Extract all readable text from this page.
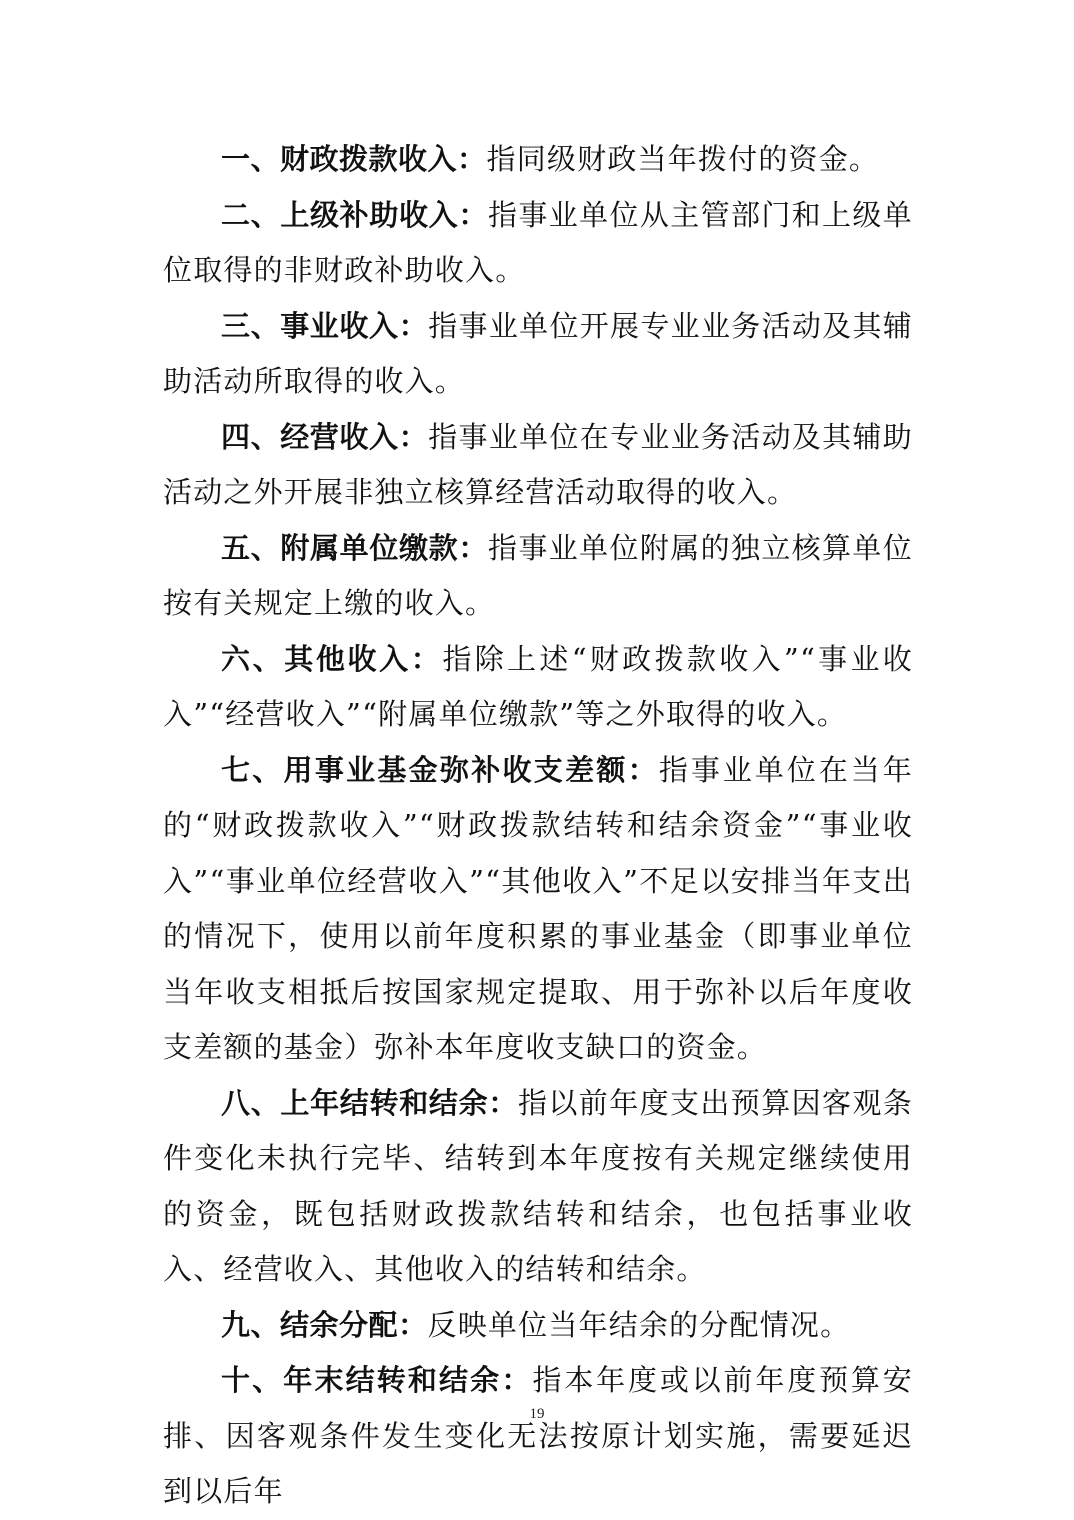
一、财政拨款收入：指同级财政当年拨付的资金。

二、上级补助收入：指事业单位从主管部门和上级单位取得的非财政补助收入。

三、事业收入：指事业单位开展专业业务活动及其辅助活动所取得的收入。

四、经营收入：指事业单位在专业业务活动及其辅助活动之外开展非独立核算经营活动取得的收入。

五、附属单位缴款：指事业单位附属的独立核算单位按有关规定上缴的收入。

六、其他收入：指除上述“财政拨款收入”“事业收入”“经营收入”“附属单位缴款”等之外取得的收入。

七、用事业基金弥补收支差额：指事业单位在当年的“财政拨款收入”“财政拨款结转和结余资金”“事业收入”“事业单位经营收入”“其他收入”不足以安排当年支出的情况下，使用以前年度积累的事业基金（即事业单位当年收支相抵后按国家规定提取、用于弥补以后年度收支差额的基金）弥补本年度收支缺口的资金。

八、上年结转和结余：指以前年度支出预算因客观条件变化未执行完毕、结转到本年度按有关规定继续使用的资金，既包括财政拨款结转和结余，也包括事业收入、经营收入、其他收入的结转和结余。

九、结余分配：反映单位当年结余的分配情况。

十、年末结转和结余：指本年度或以前年度预算安排、因客观条件发生变化无法按原计划实施，需要延迟到以后年

19
